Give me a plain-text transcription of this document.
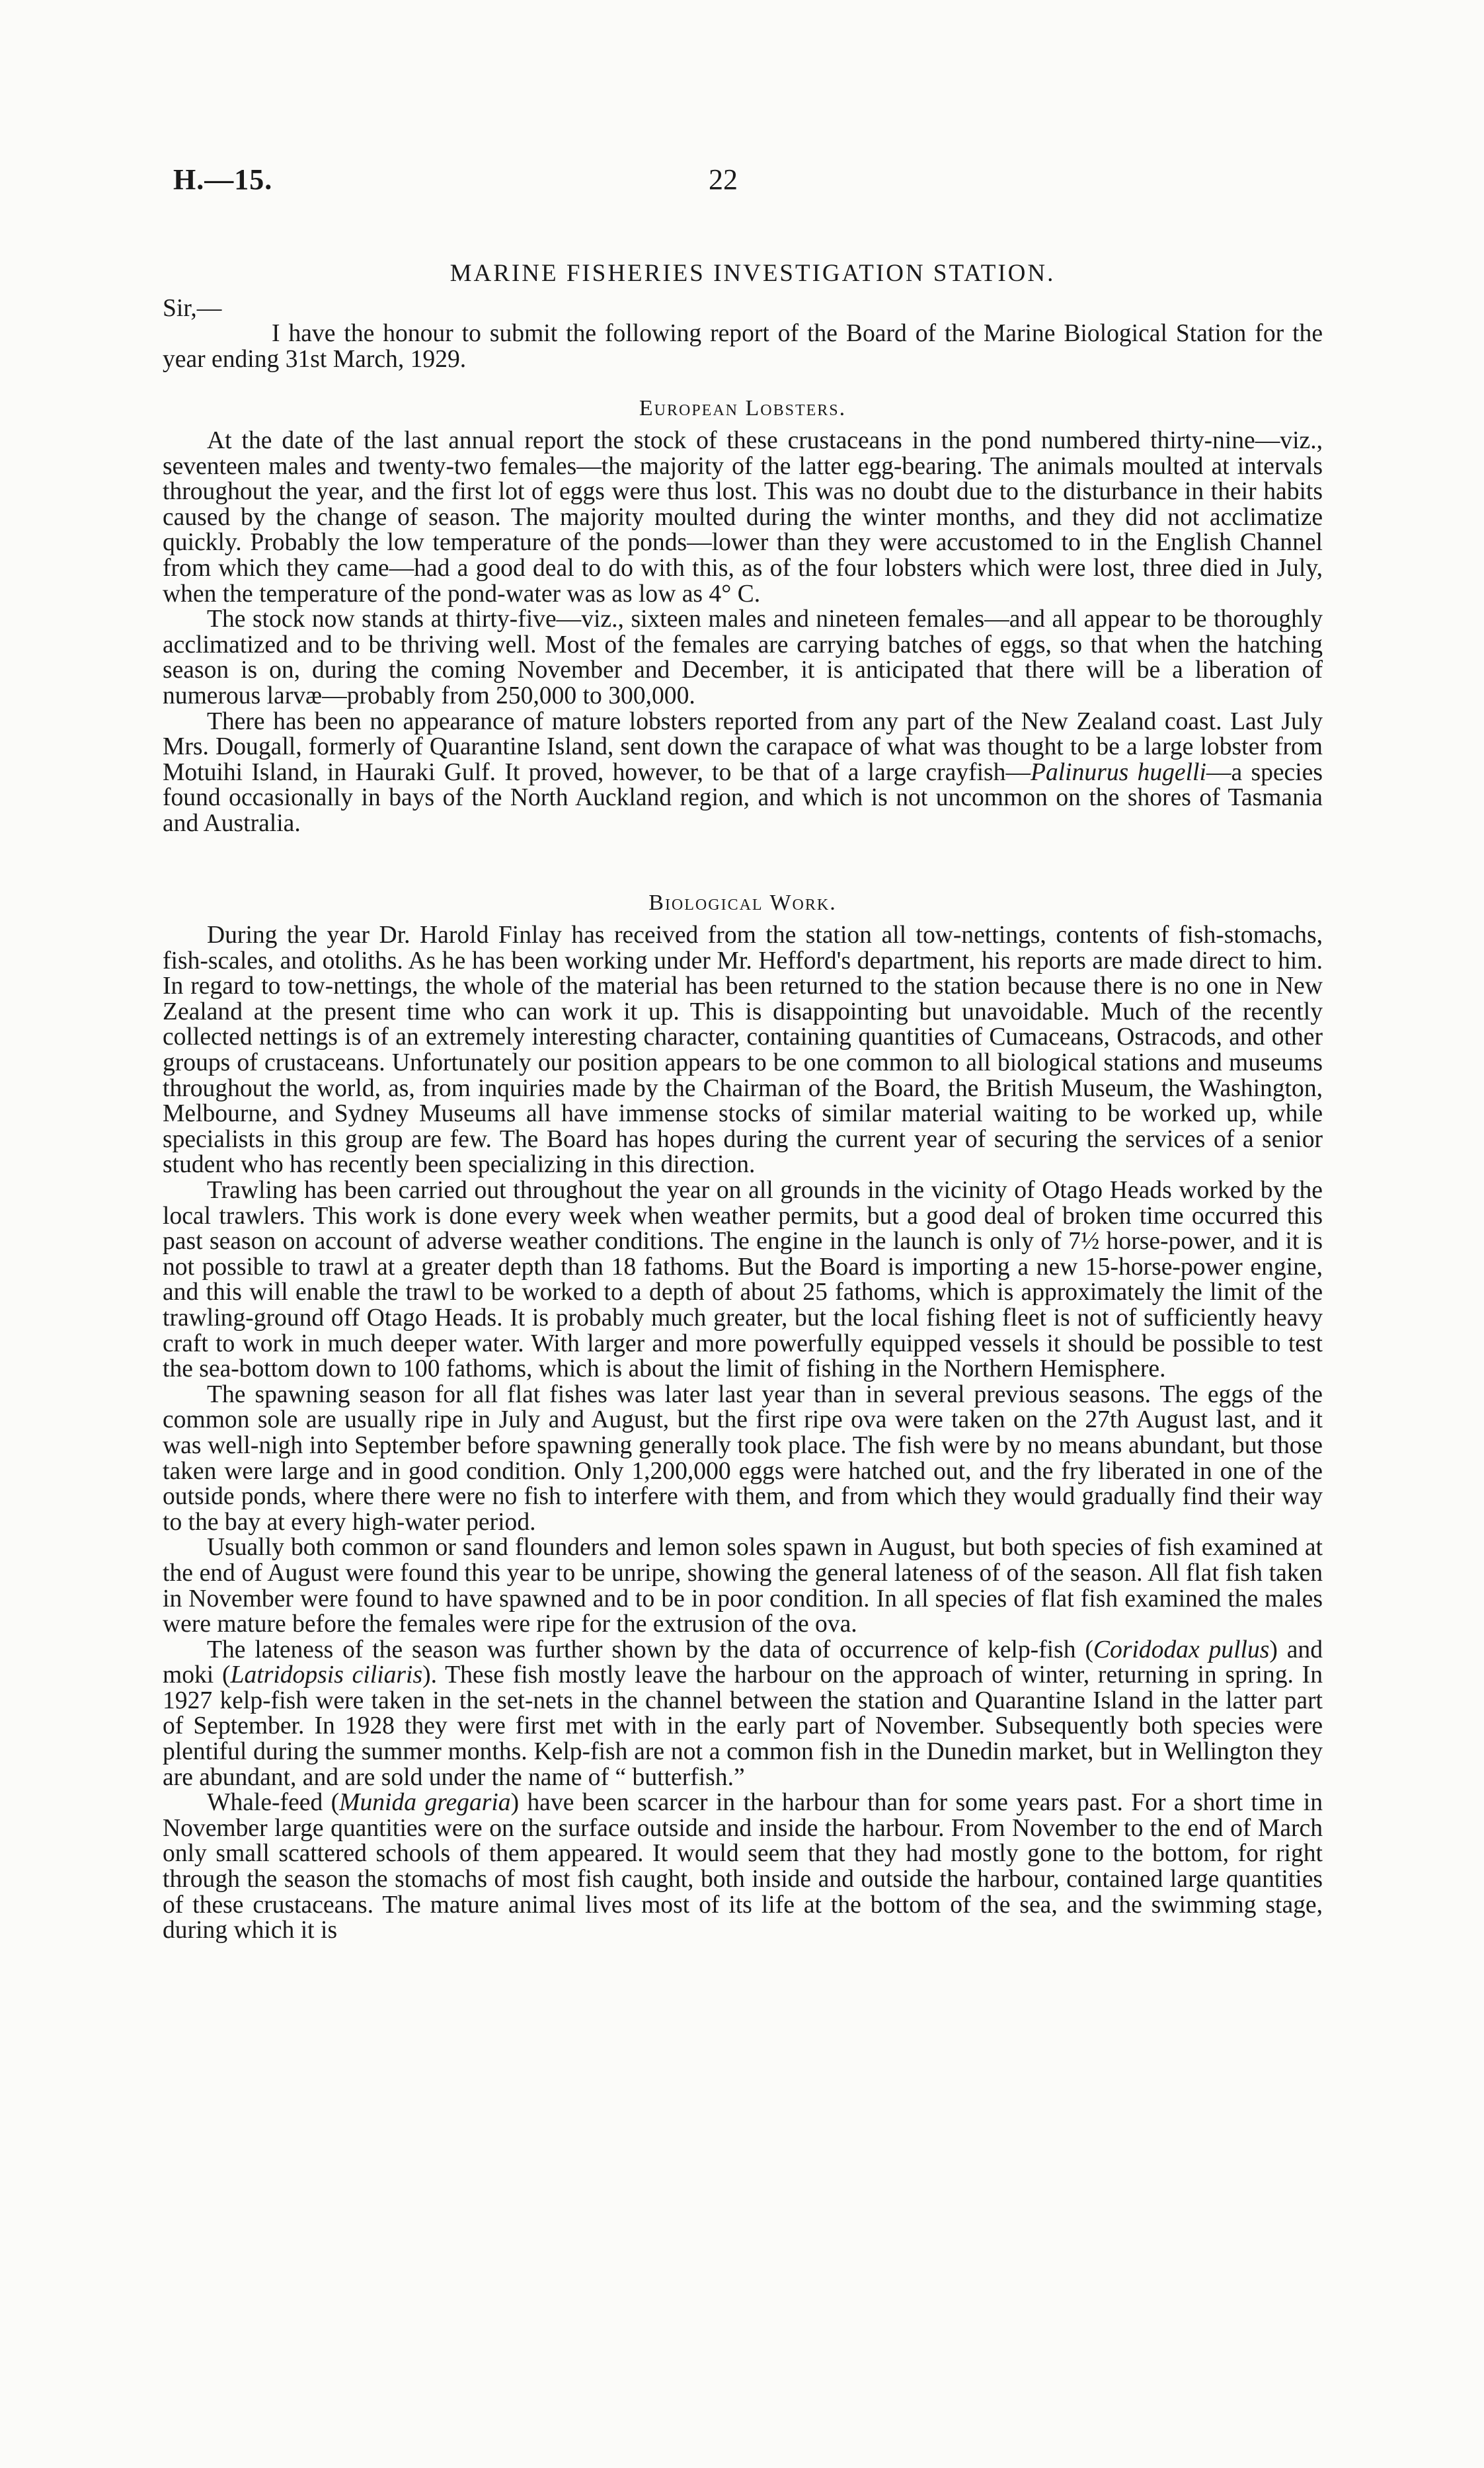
H.—15.	22
MARINE FISHERIES INVESTIGATION STATION.

Sir,—

I have the honour to submit the following report of the Board of the Marine Biological Station for the year ending 31st March, 1929.

European Lobsters.

At the date of the last annual report the stock of these crustaceans in the pond numbered thirty-nine—viz., seventeen males and twenty-two females—the majority of the latter egg-bearing. The animals moulted at intervals throughout the year, and the first lot of eggs were thus lost. This was no doubt due to the disturbance in their habits caused by the change of season. The majority moulted during the winter months, and they did not acclimatize quickly. Probably the low temperature of the ponds—lower than they were accustomed to in the English Channel from which they came—had a good deal to do with this, as of the four lobsters which were lost, three died in July, when the temperature of the pond-water was as low as 4° C.

The stock now stands at thirty-five—viz., sixteen males and nineteen females—and all appear to be thoroughly acclimatized and to be thriving well. Most of the females are carrying batches of eggs, so that when the hatching season is on, during the coming November and December, it is anticipated that there will be a liberation of numerous larvæ—probably from 250,000 to 300,000.

There has been no appearance of mature lobsters reported from any part of the New Zealand coast. Last July Mrs. Dougall, formerly of Quarantine Island, sent down the carapace of what was thought to be a large lobster from Motuihi Island, in Hauraki Gulf. It proved, however, to be that of a large crayfish—Palinurus hugelli—a species found occasionally in bays of the North Auckland region, and which is not uncommon on the shores of Tasmania and Australia.

Biological Work.

During the year Dr. Harold Finlay has received from the station all tow-nettings, contents of fish-stomachs, fish-scales, and otoliths. As he has been working under Mr. Hefford's department, his reports are made direct to him. In regard to tow-nettings, the whole of the material has been returned to the station because there is no one in New Zealand at the present time who can work it up. This is disappointing but unavoidable. Much of the recently collected nettings is of an extremely interesting character, containing quantities of Cumaceans, Ostracods, and other groups of crustaceans. Unfortunately our position appears to be one common to all biological stations and museums throughout the world, as, from inquiries made by the Chairman of the Board, the British Museum, the Washington, Melbourne, and Sydney Museums all have immense stocks of similar material waiting to be worked up, while specialists in this group are few. The Board has hopes during the current year of securing the services of a senior student who has recently been specializing in this direction.

Trawling has been carried out throughout the year on all grounds in the vicinity of Otago Heads worked by the local trawlers. This work is done every week when weather permits, but a good deal of broken time occurred this past season on account of adverse weather conditions. The engine in the launch is only of 7½ horse-power, and it is not possible to trawl at a greater depth than 18 fathoms. But the Board is importing a new 15-horse-power engine, and this will enable the trawl to be worked to a depth of about 25 fathoms, which is approximately the limit of the trawling-ground off Otago Heads. It is probably much greater, but the local fishing fleet is not of sufficiently heavy craft to work in much deeper water. With larger and more powerfully equipped vessels it should be possible to test the sea-bottom down to 100 fathoms, which is about the limit of fishing in the Northern Hemisphere.

The spawning season for all flat fishes was later last year than in several previous seasons. The eggs of the common sole are usually ripe in July and August, but the first ripe ova were taken on the 27th August last, and it was well-nigh into September before spawning generally took place. The fish were by no means abundant, but those taken were large and in good condition. Only 1,200,000 eggs were hatched out, and the fry liberated in one of the outside ponds, where there were no fish to interfere with them, and from which they would gradually find their way to the bay at every high-water period.

Usually both common or sand flounders and lemon soles spawn in August, but both species of fish examined at the end of August were found this year to be unripe, showing the general lateness of of the season. All flat fish taken in November were found to have spawned and to be in poor condition. In all species of flat fish examined the males were mature before the females were ripe for the extrusion of the ova.

The lateness of the season was further shown by the data of occurrence of kelp-fish (Coridodax pullus) and moki (Latridopsis ciliaris). These fish mostly leave the harbour on the approach of winter, returning in spring. In 1927 kelp-fish were taken in the set-nets in the channel between the station and Quarantine Island in the latter part of September. In 1928 they were first met with in the early part of November. Subsequently both species were plentiful during the summer months. Kelp-fish are not a common fish in the Dunedin market, but in Wellington they are abundant, and are sold under the name of “ butterfish.”

Whale-feed (Munida gregaria) have been scarcer in the harbour than for some years past. For a short time in November large quantities were on the surface outside and inside the harbour. From November to the end of March only small scattered schools of them appeared. It would seem that they had mostly gone to the bottom, for right through the season the stomachs of most fish caught, both inside and outside the harbour, contained large quantities of these crustaceans. The mature animal lives most of its life at the bottom of the sea, and the swimming stage, during which it is
